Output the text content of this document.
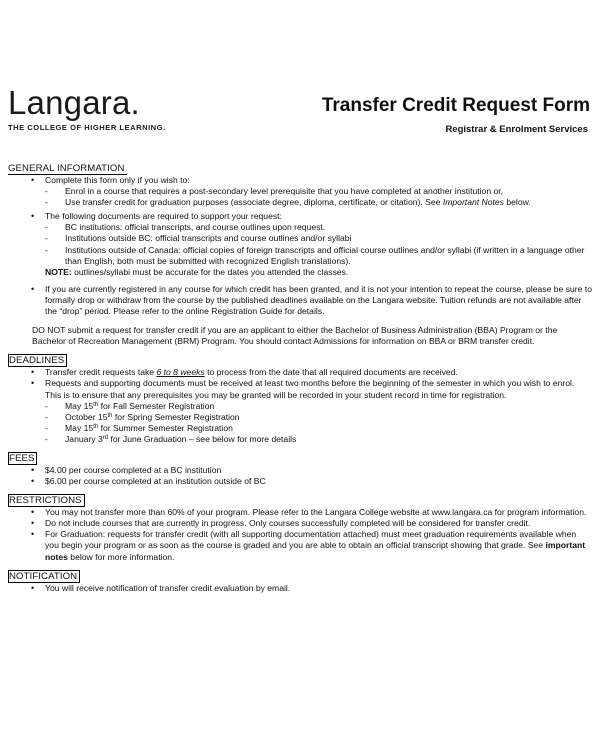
Langara.
THE COLLEGE OF HIGHER LEARNING.
Transfer Credit Request Form
Registrar & Enrolment Services
GENERAL INFORMATION
• Complete this form only if you wish to:
- Enrol in a course that requires a post-secondary level prerequisite that you have completed at another institution or,
- Use transfer credit for graduation purposes (associate degree, diploma, certificate, or citation). See Important Notes below.
• The following documents are required to support your request:
- BC institutions: official transcripts, and course outlines upon request.
- Institutions outside BC: official transcripts and course outlines and/or syllabi
- Institutions outside of Canada: official copies of foreign transcripts and official course outlines and/or syllabi (if written in a language other than English, both must be submitted with recognized English translations).
NOTE: outlines/syllabi must be accurate for the dates you attended the classes.
• If you are currently registered in any course for which credit has been granted, and it is not your intention to repeat the course, please be sure to formally drop or withdraw from the course by the published deadlines available on the Langara website. Tuition refunds are not available after the “drop” period. Please refer to the online Registration Guide for details.
DO NOT submit a request for transfer credit if you are an applicant to either the Bachelor of Business Administration (BBA) Program or the Bachelor of Recreation Management (BRM) Program. You should contact Admissions for information on BBA or BRM transfer credit.
DEADLINES
• Transfer credit requests take 6 to 8 weeks to process from the date that all required documents are received.
• Requests and supporting documents must be received at least two months before the beginning of the semester in which you wish to enrol. This is to ensure that any prerequisites you may be granted will be recorded in your student record in time for registration.
- May 15th for Fall Semester Registration
- October 15th for Spring Semester Registration
- May 15th for Summer Semester Registration
- January 3rd for June Graduation – see below for more details
FEES
• $4.00 per course completed at a BC institution
• $6.00 per course completed at an institution outside of BC
RESTRICTIONS
• You may not transfer more than 60% of your program. Please refer to the Langara College website at www.langara.ca for program information.
• Do not include courses that are currently in progress. Only courses successfully completed will be considered for transfer credit.
• For Graduation: requests for transfer credit (with all supporting documentation attached) must meet graduation requirements available when you begin your program or as soon as the course is graded and you are able to obtain an official transcript showing that grade. See important notes below for more information.
NOTIFICATION
• You will receive notification of transfer credit evaluation by email.
